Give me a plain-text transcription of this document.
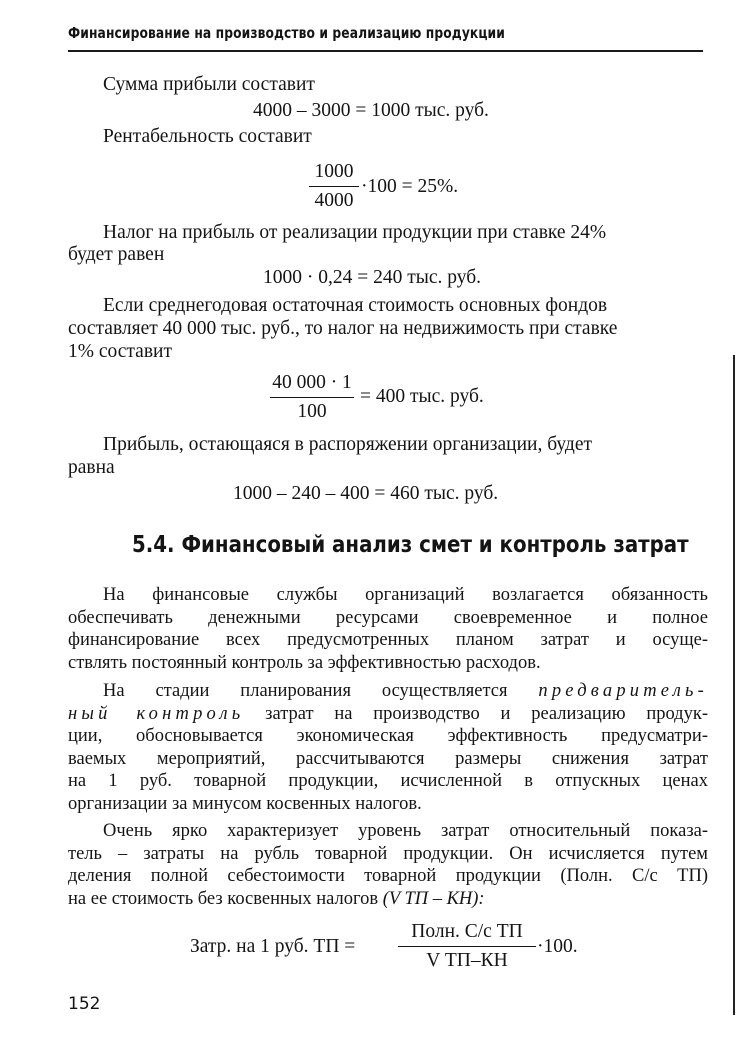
Финансирование на производство и реализацию продукции
Сумма прибыли составит
4000 – 3000 = 1000 тыс. руб.
Рентабельность составит
1000
4000
·100 = 25%.
Налог на прибыль от реализации продукции при ставке 24%
будет равен
1000 · 0,24 = 240 тыс. руб.
Если среднегодовая остаточная стоимость основных фондов
составляет 40 000 тыс. руб., то налог на недвижимость при ставке
1% составит
40 000 · 1
100
= 400 тыс. руб.
Прибыль, остающаяся в распоряжении организации, будет
равна
1000 – 240 – 400 = 460 тыс. руб.
5.4. Финансовый анализ смет и контроль затрат
На финансовые службы организаций возлагается обязанность
обеспечивать денежными ресурсами своевременное и полное
финансирование всех предусмотренных планом затрат и осуще-
ствлять постоянный контроль за эффективностью расходов.
На стадии планирования осуществляется предваритель-
ный контроль затрат на производство и реализацию продук-
ции, обосновывается экономическая эффективность предусматри-
ваемых мероприятий, рассчитываются размеры снижения затрат
на 1 руб. товарной продукции, исчисленной в отпускных ценах
организации за минусом косвенных налогов.
Очень ярко характеризует уровень затрат относительный показа-
тель – затраты на рубль товарной продукции. Он исчисляется путем
деления полной себестоимости товарной продукции (Полн. С/с ТП)
на ее стоимость без косвенных налогов (V ТП – КН):
Затр. на 1 руб. ТП =
Полн. С/с ТП
V ТП–КН
·100.
152
